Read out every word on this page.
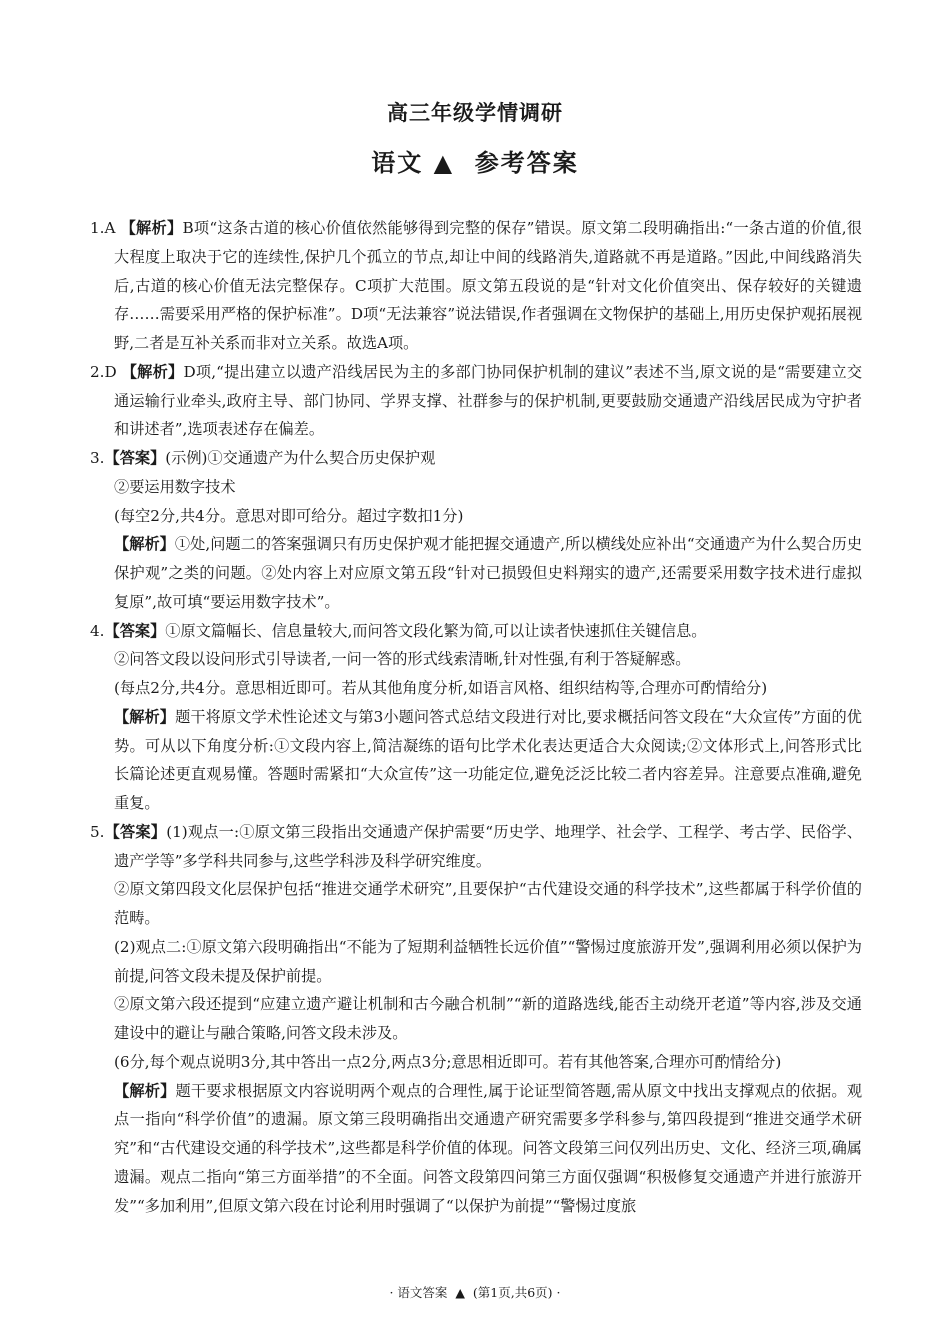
高三年级学情调研
语文 ▲  参考答案

1.A 【解析】B项“这条古道的核心价值依然能够得到完整的保存”错误。原文第二段明确指出:“一条古道的价值,很大程度上取决于它的连续性,保护几个孤立的节点,却让中间的线路消失,道路就不再是道路。”因此,中间线路消失后,古道的核心价值无法完整保存。C项扩大范围。原文第五段说的是“针对文化价值突出、保存较好的关键遗存……需要采用严格的保护标准”。D项“无法兼容”说法错误,作者强调在文物保护的基础上,用历史保护观拓展视野,二者是互补关系而非对立关系。故选A项。

2.D 【解析】D项,“提出建立以遗产沿线居民为主的多部门协同保护机制的建议”表述不当,原文说的是“需要建立交通运输行业牵头,政府主导、部门协同、学界支撑、社群参与的保护机制,更要鼓励交通遗产沿线居民成为守护者和讲述者”,选项表述存在偏差。

3.【答案】(示例)①交通遗产为什么契合历史保护观

②要运用数字技术

(每空2分,共4分。意思对即可给分。超过字数扣1分)

【解析】①处,问题二的答案强调只有历史保护观才能把握交通遗产,所以横线处应补出“交通遗产为什么契合历史保护观”之类的问题。②处内容上对应原文第五段“针对已损毁但史料翔实的遗产,还需要采用数字技术进行虚拟复原”,故可填“要运用数字技术”。

4.【答案】①原文篇幅长、信息量较大,而问答文段化繁为简,可以让读者快速抓住关键信息。

②问答文段以设问形式引导读者,一问一答的形式线索清晰,针对性强,有利于答疑解惑。

(每点2分,共4分。意思相近即可。若从其他角度分析,如语言风格、组织结构等,合理亦可酌情给分)

【解析】题干将原文学术性论述文与第3小题问答式总结文段进行对比,要求概括问答文段在“大众宣传”方面的优势。可从以下角度分析:①文段内容上,简洁凝练的语句比学术化表达更适合大众阅读;②文体形式上,问答形式比长篇论述更直观易懂。答题时需紧扣“大众宣传”这一功能定位,避免泛泛比较二者内容差异。注意要点准确,避免重复。

5.【答案】(1)观点一:①原文第三段指出交通遗产保护需要“历史学、地理学、社会学、工程学、考古学、民俗学、遗产学等”多学科共同参与,这些学科涉及科学研究维度。

②原文第四段文化层保护包括“推进交通学术研究”,且要保护“古代建设交通的科学技术”,这些都属于科学价值的范畴。

(2)观点二:①原文第六段明确指出“不能为了短期利益牺牲长远价值”“警惕过度旅游开发”,强调利用必须以保护为前提,问答文段未提及保护前提。

②原文第六段还提到“应建立遗产避让机制和古今融合机制”“新的道路选线,能否主动绕开老道”等内容,涉及交通建设中的避让与融合策略,问答文段未涉及。

(6分,每个观点说明3分,其中答出一点2分,两点3分;意思相近即可。若有其他答案,合理亦可酌情给分)

【解析】题干要求根据原文内容说明两个观点的合理性,属于论证型简答题,需从原文中找出支撑观点的依据。观点一指向“科学价值”的遗漏。原文第三段明确指出交通遗产研究需要多学科参与,第四段提到“推进交通学术研究”和“古代建设交通的科学技术”,这些都是科学价值的体现。问答文段第三问仅列出历史、文化、经济三项,确属遗漏。观点二指向“第三方面举措”的不全面。问答文段第四问第三方面仅强调“积极修复交通遗产并进行旅游开发”“多加利用”,但原文第六段在讨论利用时强调了“以保护为前提”“警惕过度旅

· 语文答案  ▲  (第1页,共6页) ·
